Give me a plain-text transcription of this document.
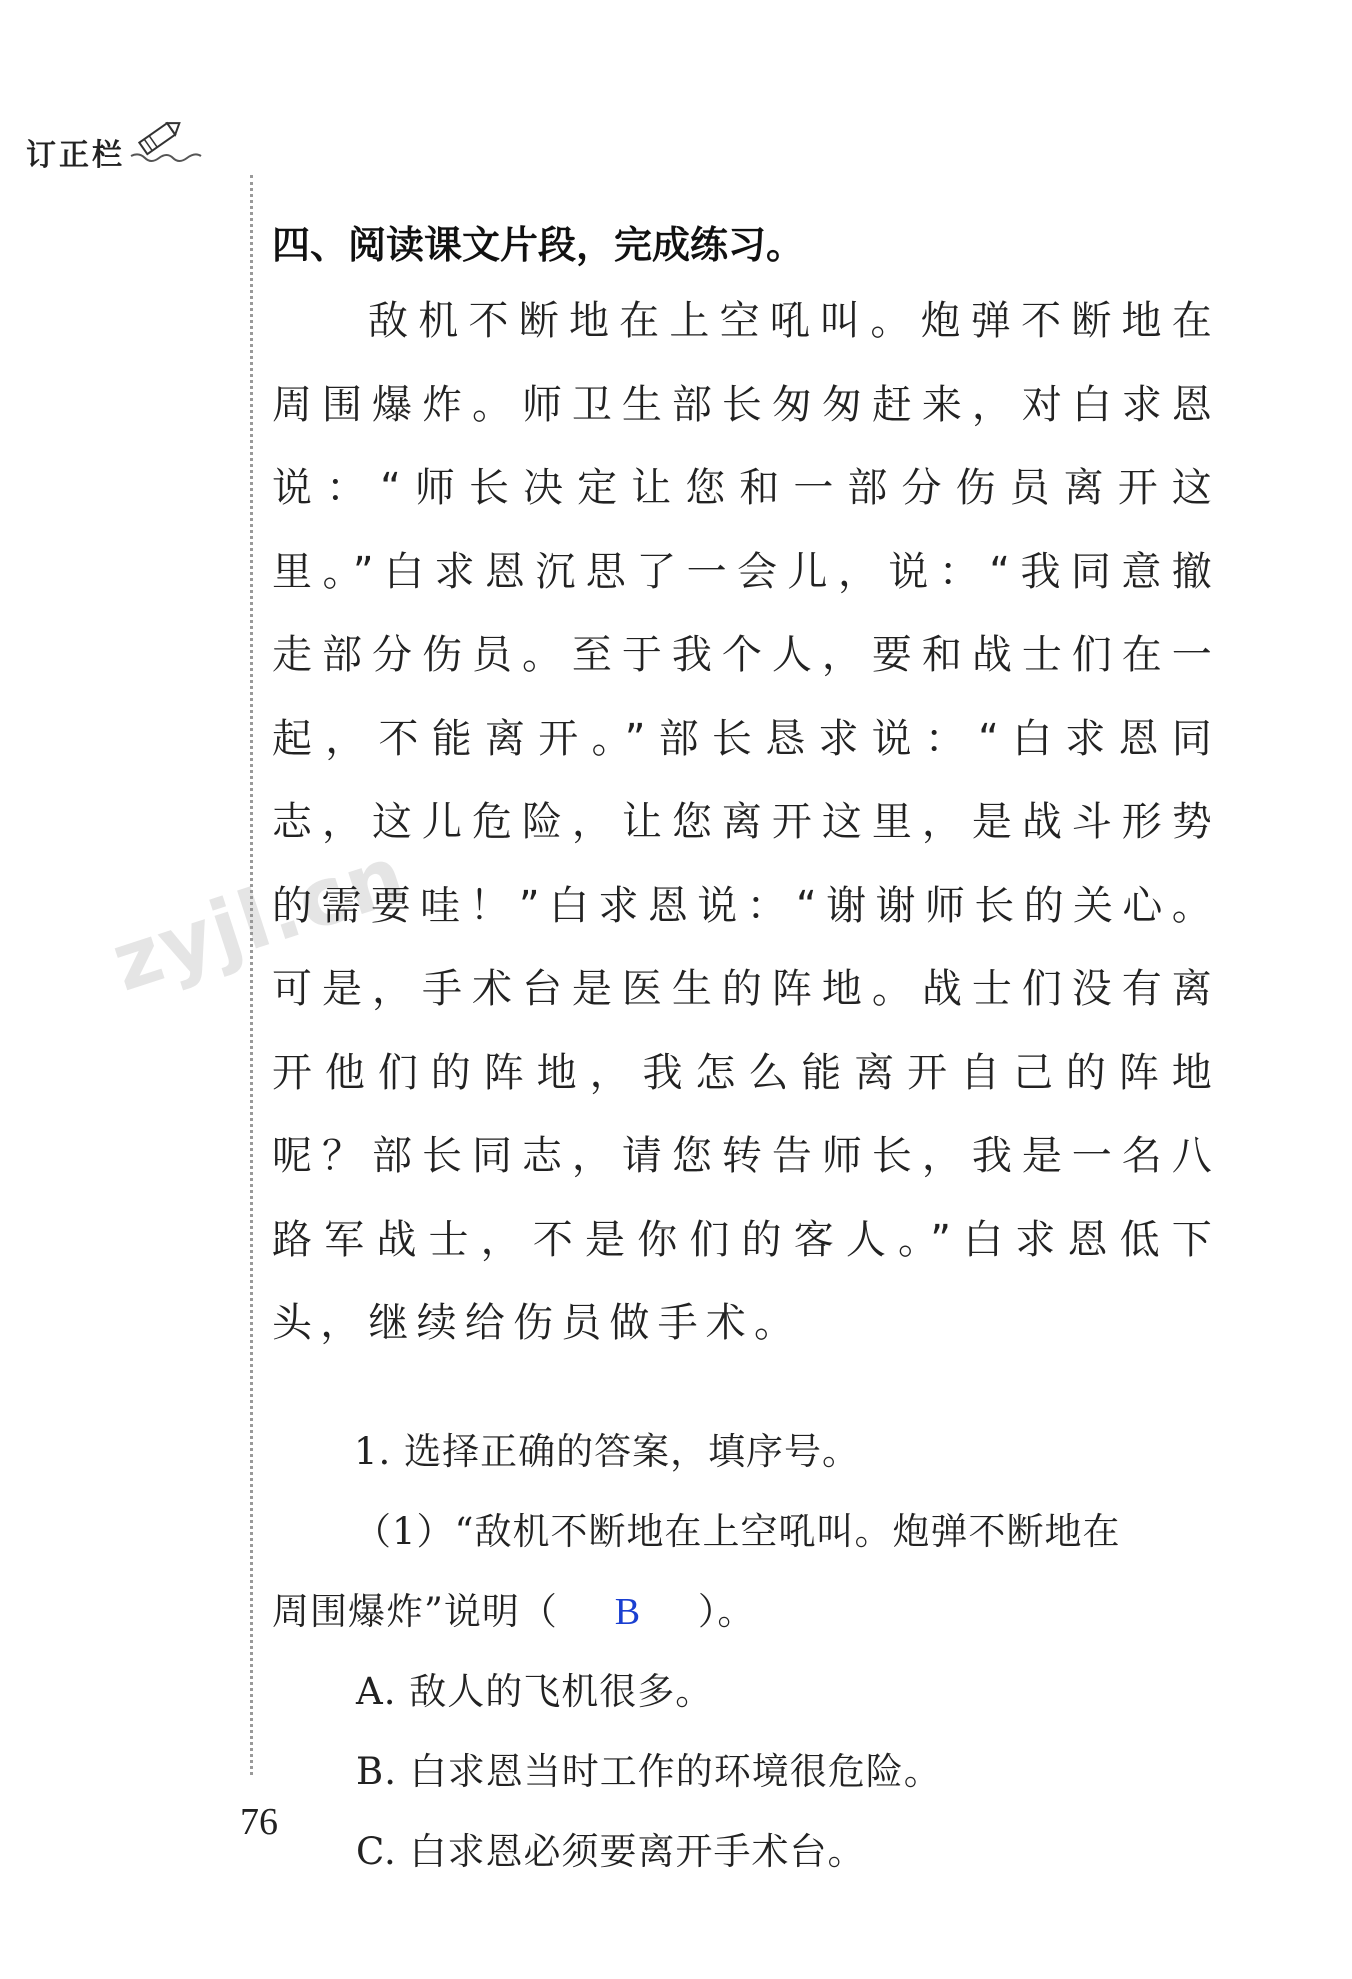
订正栏
zyjl.cn
四、阅读课文片段，完成练习。

敌机不断地在上空吼叫。炮弹不断地在周围爆炸。师卫生部长匆匆赶来，对白求恩说：“师长决定让您和一部分伤员离开这里。”白求恩沉思了一会儿，说：“我同意撤走部分伤员。至于我个人，要和战士们在一起，不能离开。”部长恳求说：“白求恩同志，这儿危险，让您离开这里，是战斗形势的需要哇！”白求恩说：“谢谢师长的关心。可是，手术台是医生的阵地。战士们没有离开他们的阵地，我怎么能离开自己的阵地呢？部长同志，请您转告师长，我是一名八路军战士，不是你们的客人。”白求恩低下头，继续给伤员做手术。

1. 选择正确的答案，填序号。

（1）“敌机不断地在上空吼叫。炮弹不断地在

周围爆炸”说明（ B ）。

A. 敌人的飞机很多。

B. 白求恩当时工作的环境很危险。

C. 白求恩必须要离开手术台。

76
